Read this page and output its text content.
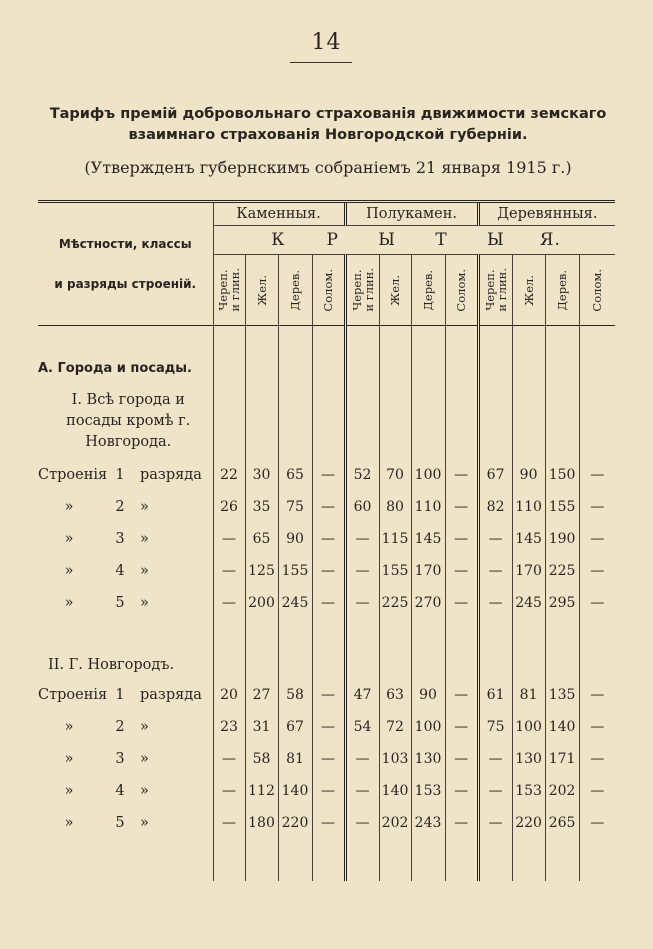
14
Тарифъ премій добровольнаго страхованія движимости земскаго взаимнаго страхованія Новгородской губерніи.
(Утвержденъ губернскимъ собраніемъ 21 января 1915 г.)
Мѣстности, классы
и разряды строеній.	Каменныя.				Полукамен.				Деревянныя.			
	К Р Ы Т Ы Я.											

	Череп.
и глин.	Жел.	Дерев.	Солом.	Череп.
и глин.	Жел.	Дерев.	Солом.	Череп.
и глин.	Жел.	Дерев.	Солом.

А. Города и посады.												
I. Всѣ города и посады кромѣ г. Новгорода.												
Строенія 1 разряда	22	30	65	—	52	70	100	—	67	90	150	—
» 2 »	26	35	75	—	60	80	110	—	82	110	155	—
» 3 »	—	65	90	—	—	115	145	—	—	145	190	—
» 4 »	—	125	155	—	—	155	170	—	—	170	225	—
» 5 »	—	200	245	—	—	225	270	—	—	245	295	—
II. Г. Новгородъ.												
Строенія 1 разряда	20	27	58	—	47	63	90	—	61	81	135	—
» 2 »	23	31	67	—	54	72	100	—	75	100	140	—
» 3 »	—	58	81	—	—	103	130	—	—	130	171	—
» 4 »	—	112	140	—	—	140	153	—	—	153	202	—
» 5 »	—	180	220	—	—	202	243	—	—	220	265	—
